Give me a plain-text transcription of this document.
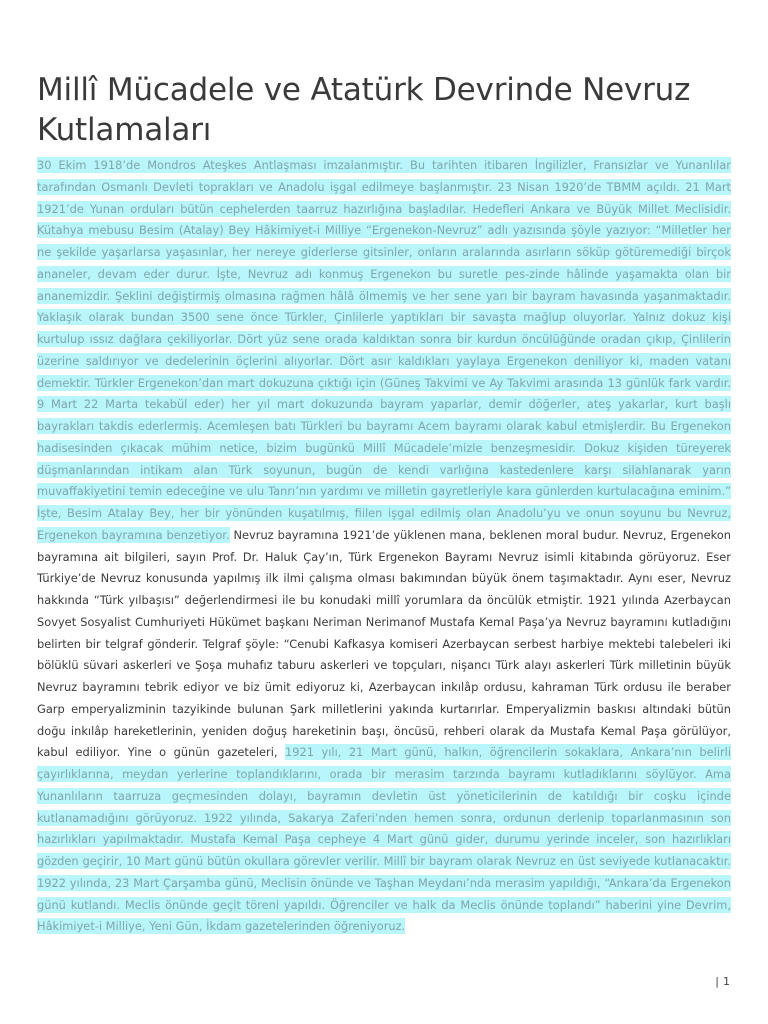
Millî Mücadele ve Atatürk Devrinde Nevruz Kutlamaları

30 Ekim 1918’de Mondros Ateşkes Antlaşması imzalanmıştır. Bu tarihten itibaren İngilizler, Fransızlar ve Yunanlılar tarafından Osmanlı Devleti toprakları ve Anadolu işgal edilmeye başlanmıştır. 23 Nisan 1920’de TBMM açıldı. 21 Mart 1921’de Yunan orduları bütün cephelerden taarruz hazırlığına başladılar. Hedefleri Ankara ve Büyük Millet Meclisidir. Kütahya mebusu Besim (Atalay) Bey Hâkimiyet-i Milliye “Ergenekon-Nevruz” adlı yazısında şöyle yazıyor: “Milletler her ne şekilde yaşarlarsa yaşasınlar, her nereye giderlerse gitsinler, onların aralarında asırların söküp götüremediği birçok ananeler, devam eder durur. İşte, Nevruz adı konmuş Ergenekon bu suretle pes-zinde hâlinde yaşamakta olan bir ananemizdir. Şeklini değiştirmiş olmasına rağmen hâlâ ölmemiş ve her sene yarı bir bayram havasında yaşanmaktadır. Yaklaşık olarak bundan 3500 sene önce Türkler, Çinlilerle yaptıkları bir savaşta mağlup oluyorlar. Yalnız dokuz kişi kurtulup ıssız dağlara çekiliyorlar. Dört yüz sene orada kaldıktan sonra bir kurdun öncülüğünde oradan çıkıp, Çinlilerin üzerine saldırıyor ve dedelerinin öçlerini alıyorlar. Dört asır kaldıkları yaylaya Ergenekon deniliyor ki, maden vatanı demektir. Türkler Ergenekon’dan mart dokuzuna çıktığı için (Güneş Takvimi ve Ay Takvimi arasında 13 günlük fark vardır. 9 Mart 22 Marta tekabül eder) her yıl mart dokuzunda bayram yaparlar, demir döğerler, ateş yakarlar, kurt başlı bayrakları takdis ederlermiş. Acemleşen batı Türkleri bu bayramı Acem bayramı olarak kabul etmişlerdir. Bu Ergenekon hadisesinden çıkacak mühim netice, bizim bugünkü Millî Mücadele’mizle benzeşmesidir. Dokuz kişiden türeyerek düşmanlarından intikam alan Türk soyunun, bugün de kendi varlığına kastedenlere karşı silahlanarak yarın muvaffakiyetini temin edeceğine ve ulu Tanrı’nın yardımı ve milletin gayretleriyle kara günlerden kurtulacağına eminim.” İşte, Besim Atalay Bey, her bir yönünden kuşatılmış, fiilen işgal edilmiş olan Anadolu’yu ve onun soyunu bu Nevruz, Ergenekon bayramına benzetiyor. Nevruz bayramına 1921’de yüklenen mana, beklenen moral budur. Nevruz, Ergenekon bayramına ait bilgileri, sayın Prof. Dr. Haluk Çay’ın, Türk Ergenekon Bayramı Nevruz isimli kitabında görüyoruz. Eser Türkiye’de Nevruz konusunda yapılmış ilk ilmi çalışma olması bakımından büyük önem taşımaktadır. Aynı eser, Nevruz hakkında “Türk yılbaşısı” değerlendirmesi ile bu konudaki millî yorumlara da öncülük etmiştir. 1921 yılında Azerbaycan Sovyet Sosyalist Cumhuriyeti Hükümet başkanı Neriman Nerimanof Mustafa Kemal Paşa’ya Nevruz bayramını kutladığını belirten bir telgraf gönderir. Telgraf şöyle: “Cenubi Kafkasya komiseri Azerbaycan serbest harbiye mektebi talebeleri iki bölüklü süvari askerleri ve Şoşa muhafız taburu askerleri ve topçuları, nişancı Türk alayı askerleri Türk milletinin büyük Nevruz bayramını tebrik ediyor ve biz ümit ediyoruz ki, Azerbaycan inkılâp ordusu, kahraman Türk ordusu ile beraber Garp emperyalizminin tazyikinde bulunan Şark milletlerini yakında kurtarırlar. Emperyalizmin baskısı altındaki bütün doğu inkılâp hareketlerinin, yeniden doğuş hareketinin başı, öncüsü, rehberi olarak da Mustafa Kemal Paşa görülüyor, kabul ediliyor. Yine o günün gazeteleri, 1921 yılı, 21 Mart günü, halkın, öğrencilerin sokaklara, Ankara’nın belirli çayırlıklarına, meydan yerlerine toplandıklarını, orada bir merasim tarzında bayramı kutladıklarını söylüyor. Ama Yunanlıların taarruza geçmesinden dolayı, bayramın devletin üst yöneticilerinin de katıldığı bir coşku içinde kutlanamadığını görüyoruz. 1922 yılında, Sakarya Zaferi’nden hemen sonra, ordunun derlenip toparlanmasının son hazırlıkları yapılmaktadır. Mustafa Kemal Paşa cepheye 4 Mart günü gider, durumu yerinde inceler, son hazırlıkları gözden geçirir, 10 Mart günü bütün okullara görevler verilir. Millî bir bayram olarak Nevruz en üst seviyede kutlanacaktır. 1922 yılında, 23 Mart Çarşamba günü, Meclisin önünde ve Taşhan Meydanı’nda merasim yapıldığı, “Ankara’da Ergenekon günü kutlandı. Meclis önünde geçit töreni yapıldı. Öğrenciler ve halk da Meclis önünde toplandı” haberini yine Devrim, Hâkimiyet-i Milliye, Yeni Gün, İkdam gazetelerinden öğreniyoruz.

| 1
